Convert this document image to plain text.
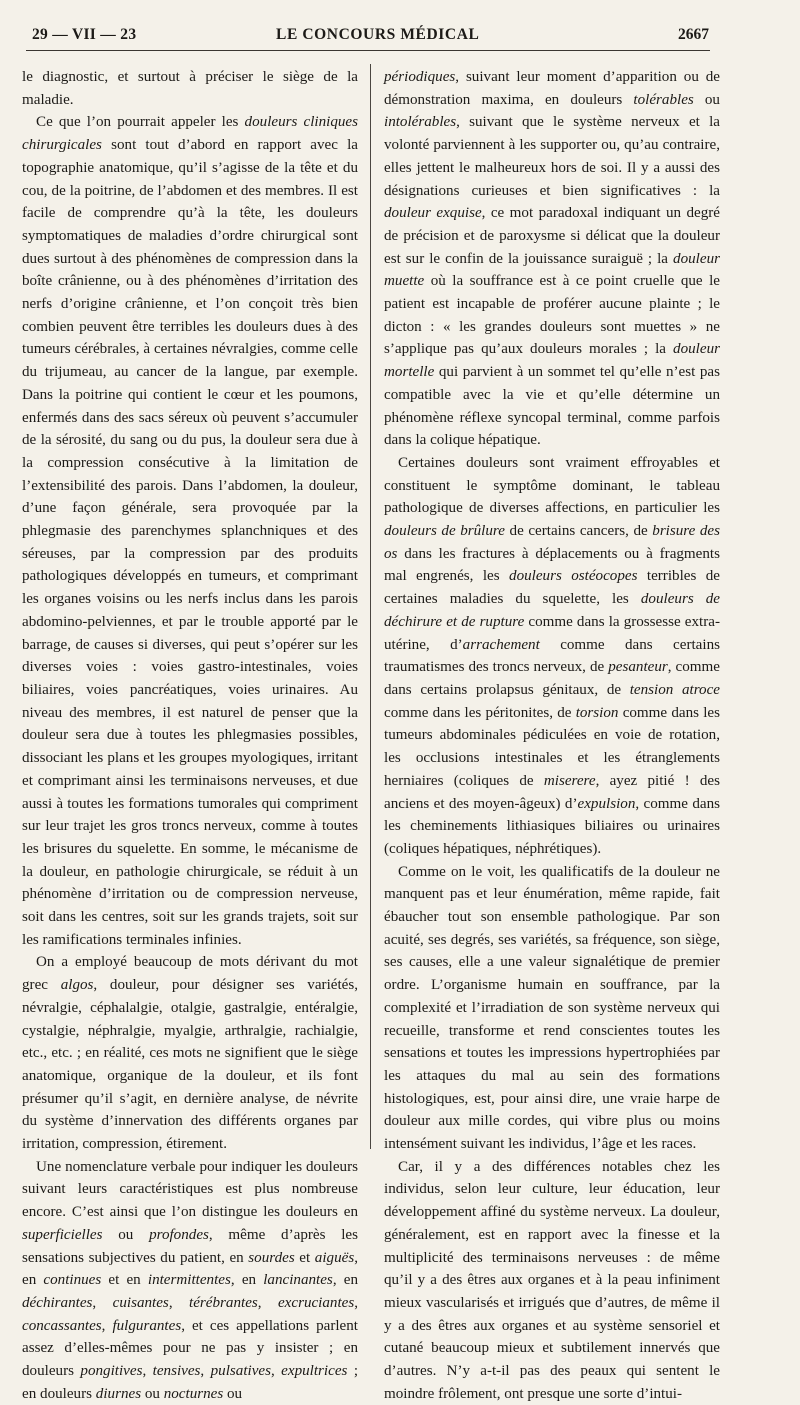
29 — VII — 23	LE CONCOURS MÉDICAL	2667

le diagnostic, et surtout à préciser le siège de la maladie.

Ce que l’on pourrait appeler les douleurs cliniques chirurgicales sont tout d’abord en rapport avec la topographie anatomique, qu’il s’agisse de la tête et du cou, de la poitrine, de l’abdomen et des membres. Il est facile de comprendre qu’à la tête, les douleurs symptomatiques de maladies d’ordre chirurgical sont dues surtout à des phénomènes de compression dans la boîte crânienne, ou à des phénomènes d’irritation des nerfs d’origine crânienne, et l’on conçoit très bien combien peuvent être terribles les douleurs dues à des tumeurs cérébrales, à certaines névralgies, comme celle du trijumeau, au cancer de la langue, par exemple. Dans la poitrine qui contient le cœur et les poumons, enfermés dans des sacs séreux où peuvent s’accumuler de la sérosité, du sang ou du pus, la douleur sera due à la compression consécutive à la limitation de l’extensibilité des parois. Dans l’abdomen, la douleur, d’une façon générale, sera provoquée par la phlegmasie des parenchymes splanchniques et des séreuses, par la compression par des produits pathologiques développés en tumeurs, et comprimant les organes voisins ou les nerfs inclus dans les parois abdomino-pelviennes, et par le trouble apporté par le barrage, de causes si diverses, qui peut s’opérer sur les diverses voies : voies gastro-intestinales, voies biliaires, voies pancréatiques, voies urinaires. Au niveau des membres, il est naturel de penser que la douleur sera due à toutes les phlegmasies possibles, dissociant les plans et les groupes myologiques, irritant et comprimant ainsi les terminaisons nerveuses, et due aussi à toutes les formations tumorales qui compriment sur leur trajet les gros troncs nerveux, comme à toutes les brisures du squelette. En somme, le mécanisme de la douleur, en pathologie chirurgicale, se réduit à un phénomène d’irritation ou de compression nerveuse, soit dans les centres, soit sur les grands trajets, soit sur les ramifications terminales infinies.

On a employé beaucoup de mots dérivant du mot grec algos, douleur, pour désigner ses variétés, névralgie, céphalalgie, otalgie, gastralgie, entéralgie, cystalgie, néphralgie, myalgie, arthralgie, rachialgie, etc., etc. ; en réalité, ces mots ne signifient que le siège anatomique, organique de la douleur, et ils font présumer qu’il s’agit, en dernière analyse, de névrite du système d’innervation des différents organes par irritation, compression, étirement.

Une nomenclature verbale pour indiquer les douleurs suivant leurs caractéristiques est plus nombreuse encore. C’est ainsi que l’on distingue les douleurs en superficielles ou profondes, même d’après les sensations subjectives du patient, en sourdes et aiguës, en continues et en intermittentes, en lancinantes, en déchirantes, cuisantes, térébrantes, excruciantes, concassantes, fulgurantes, et ces appellations parlent assez d’elles-mêmes pour ne pas y insister ; en douleurs pongitives, tensives, pulsatives, expultrices ; en douleurs diurnes ou nocturnes ou

périodiques, suivant leur moment d’apparition ou de démonstration maxima, en douleurs tolérables ou intolérables, suivant que le système nerveux et la volonté parviennent à les supporter ou, qu’au contraire, elles jettent le malheureux hors de soi. Il y a aussi des désignations curieuses et bien significatives : la douleur exquise, ce mot paradoxal indiquant un degré de précision et de paroxysme si délicat que la douleur est sur le confin de la jouissance suraiguë ; la douleur muette où la souffrance est à ce point cruelle que le patient est incapable de proférer aucune plainte ; le dicton : « les grandes douleurs sont muettes » ne s’applique pas qu’aux douleurs morales ; la douleur mortelle qui parvient à un sommet tel qu’elle n’est pas compatible avec la vie et qu’elle détermine un phénomène réflexe syncopal terminal, comme parfois dans la colique hépatique.

Certaines douleurs sont vraiment effroyables et constituent le symptôme dominant, le tableau pathologique de diverses affections, en particulier les douleurs de brûlure de certains cancers, de brisure des os dans les fractures à déplacements ou à fragments mal engrenés, les douleurs ostéocopes terribles de certaines maladies du squelette, les douleurs de déchirure et de rupture comme dans la grossesse extra-utérine, d’arrachement comme dans certains traumatismes des troncs nerveux, de pesanteur, comme dans certains prolapsus génitaux, de tension atroce comme dans les péritonites, de torsion comme dans les tumeurs abdominales pédiculées en voie de rotation, les occlusions intestinales et les étranglements herniaires (coliques de miserere, ayez pitié ! des anciens et des moyen-âgeux) d’expulsion, comme dans les cheminements lithiasiques biliaires ou urinaires (coliques hépatiques, néphrétiques).

Comme on le voit, les qualificatifs de la douleur ne manquent pas et leur énumération, même rapide, fait ébaucher tout son ensemble pathologique. Par son acuité, ses degrés, ses variétés, sa fréquence, son siège, ses causes, elle a une valeur signalétique de premier ordre. L’organisme humain en souffrance, par la complexité et l’irradiation de son système nerveux qui recueille, transforme et rend conscientes toutes les sensations et toutes les impressions hypertrophiées par les attaques du mal au sein des formations histologiques, est, pour ainsi dire, une vraie harpe de douleur aux mille cordes, qui vibre plus ou moins intensément suivant les individus, l’âge et les races.

Car, il y a des différences notables chez les individus, selon leur culture, leur éducation, leur développement affiné du système nerveux. La douleur, généralement, est en rapport avec la finesse et la multiplicité des terminaisons nerveuses : de même qu’il y a des êtres aux organes et à la peau infiniment mieux vascularisés et irrigués que d’autres, de même il y a des êtres aux organes et au système sensoriel et cutané beaucoup mieux et subtilement innervés que d’autres. N’y a-t-il pas des peaux qui sentent le moindre frôlement, ont presque une sorte d’intui-
